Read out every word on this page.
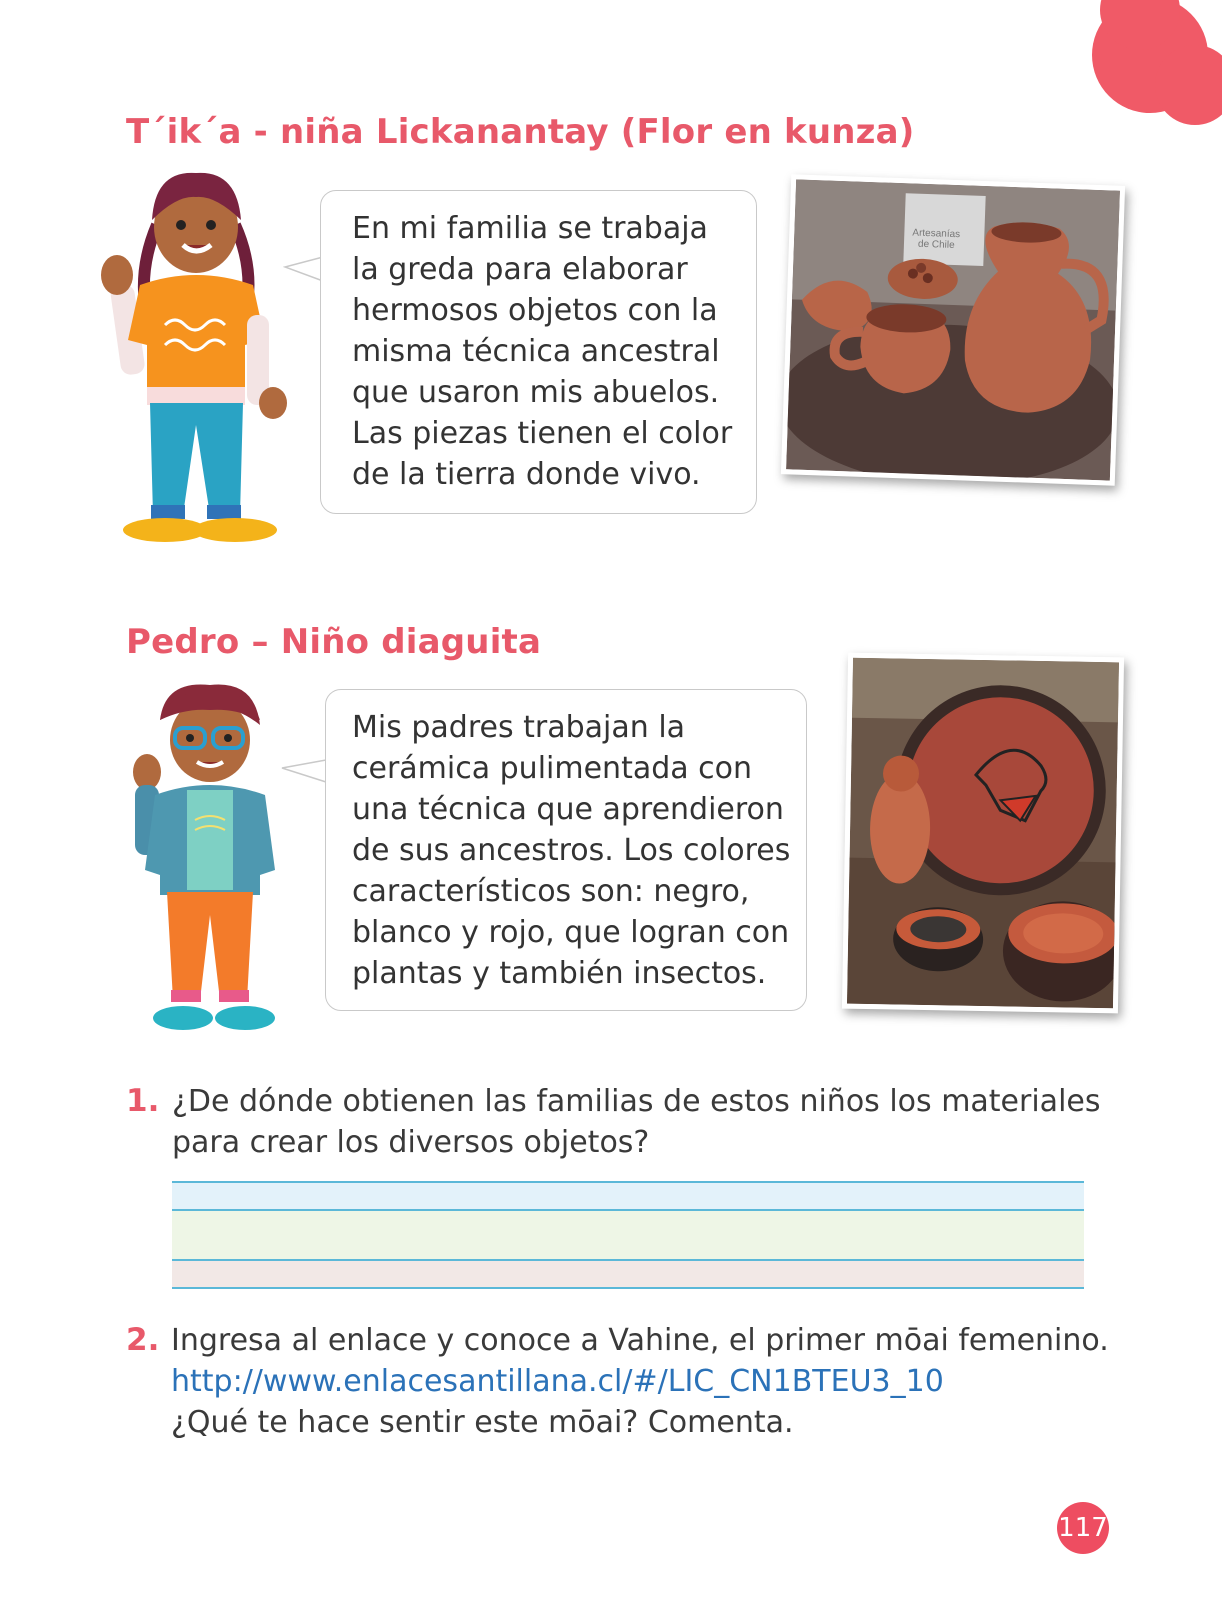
T´ik´a - niña Lickanantay (Flor en kunza)
En mi familia se trabaja
la greda para elaborar
hermosos objetos con la
misma técnica ancestral
que usaron mis abuelos.
Las piezas tienen el color
de la tierra donde vivo.
Artesanías
de Chile
Pedro – Niño diaguita
Mis padres trabajan la
cerámica pulimentada con
una técnica que aprendieron
de sus ancestros. Los colores
característicos son: negro,
blanco y rojo, que logran con
plantas y también insectos.
1. ¿De dónde obtienen las familias de estos niños los materiales
para crear los diversos objetos?
2. Ingresa al enlace y conoce a Vahine, el primer mōai femenino.
http://www.enlacesantillana.cl/#/LIC_CN1BTEU3_10
¿Qué te hace sentir este mōai? Comenta.
117
